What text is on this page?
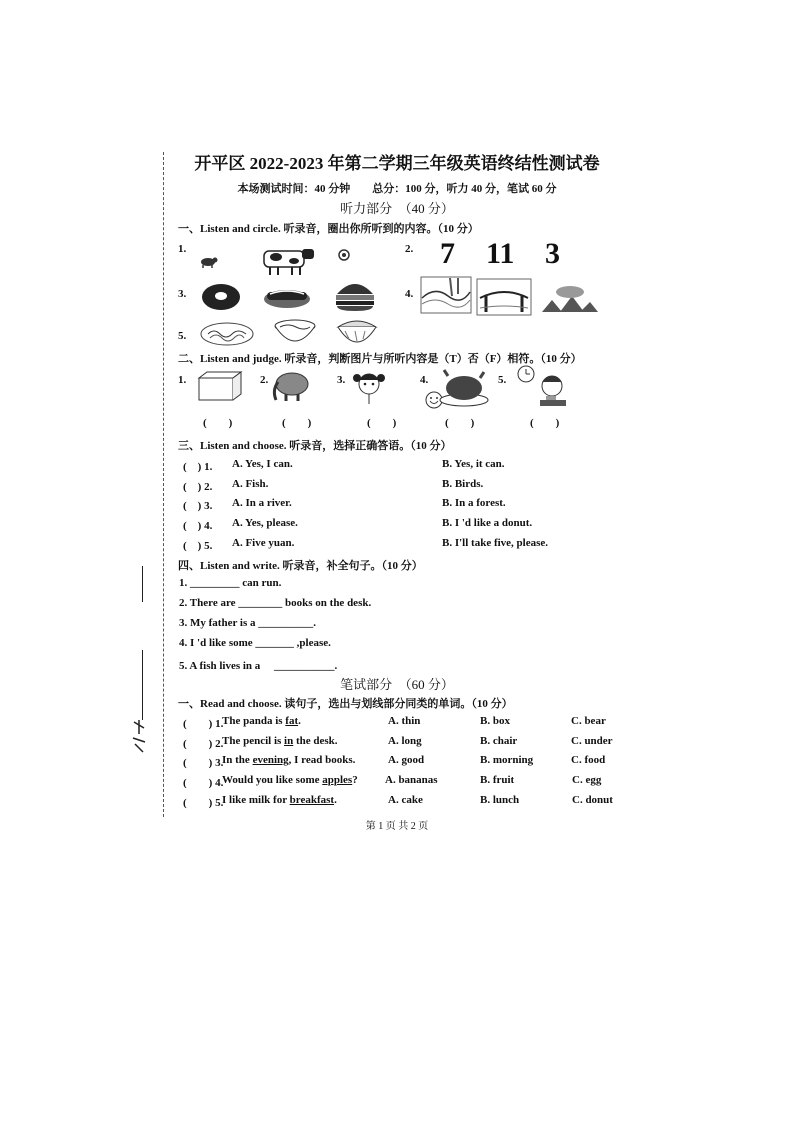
开平区 2022-2023 年第二学期三年级英语终结性测试卷
本场测试时间：40 分钟　　总分：100 分，听力 40 分，笔试 60 分
听力部分　（40 分）
一、Listen and circle. 听录音，圈出你所听到的内容。（10 分）
1.	2.
3.	4.
5.
7 11 3
二、Listen and judge. 听录音，判断图片与所听内容是（T）否（F）相符。（10 分）
1.	2.	3.	4.	5.
(　　)	(　　)	(　　)	(　　)	(　　)
三、Listen and choose. 听录音，选择正确答语。（10 分）
(　) 1. A. Yes, I can.	B. Yes, it can.
(　) 2. A. Fish.	B. Birds.
(　) 3. A. In a river.	B. In a forest.
(　) 4. A. Yes, please.	B. I 'd like a donut.
(　) 5. A. Five yuan.	B. I'll take five, please.
四、Listen and write. 听录音，补全句子。（10 分）
1. _________ can run.
2. There are ________ books on the desk.
3. My father is a __________.
4. I 'd like some _______ ,please.
5. A fish lives in a　 ___________.
笔试部分　（60 分）
一、Read and choose. 读句子，选出与划线部分同类的单词。（10 分）
(　　) 1.
The panda is fat.	A. thin	B. box	C. bear
(　　) 2.
The pencil is in the desk.	A. long	B. chair	C. under
(　　) 3.
In the evening, I read books.	A. good	B. morning	C. food
(　　) 4.
Would you like some apples? A. bananas	B. fruit	C. egg
(　　) 5.
I like milk for breakfast.	A. cake	B. lunch	C. donut
第 1 页 共 2 页
